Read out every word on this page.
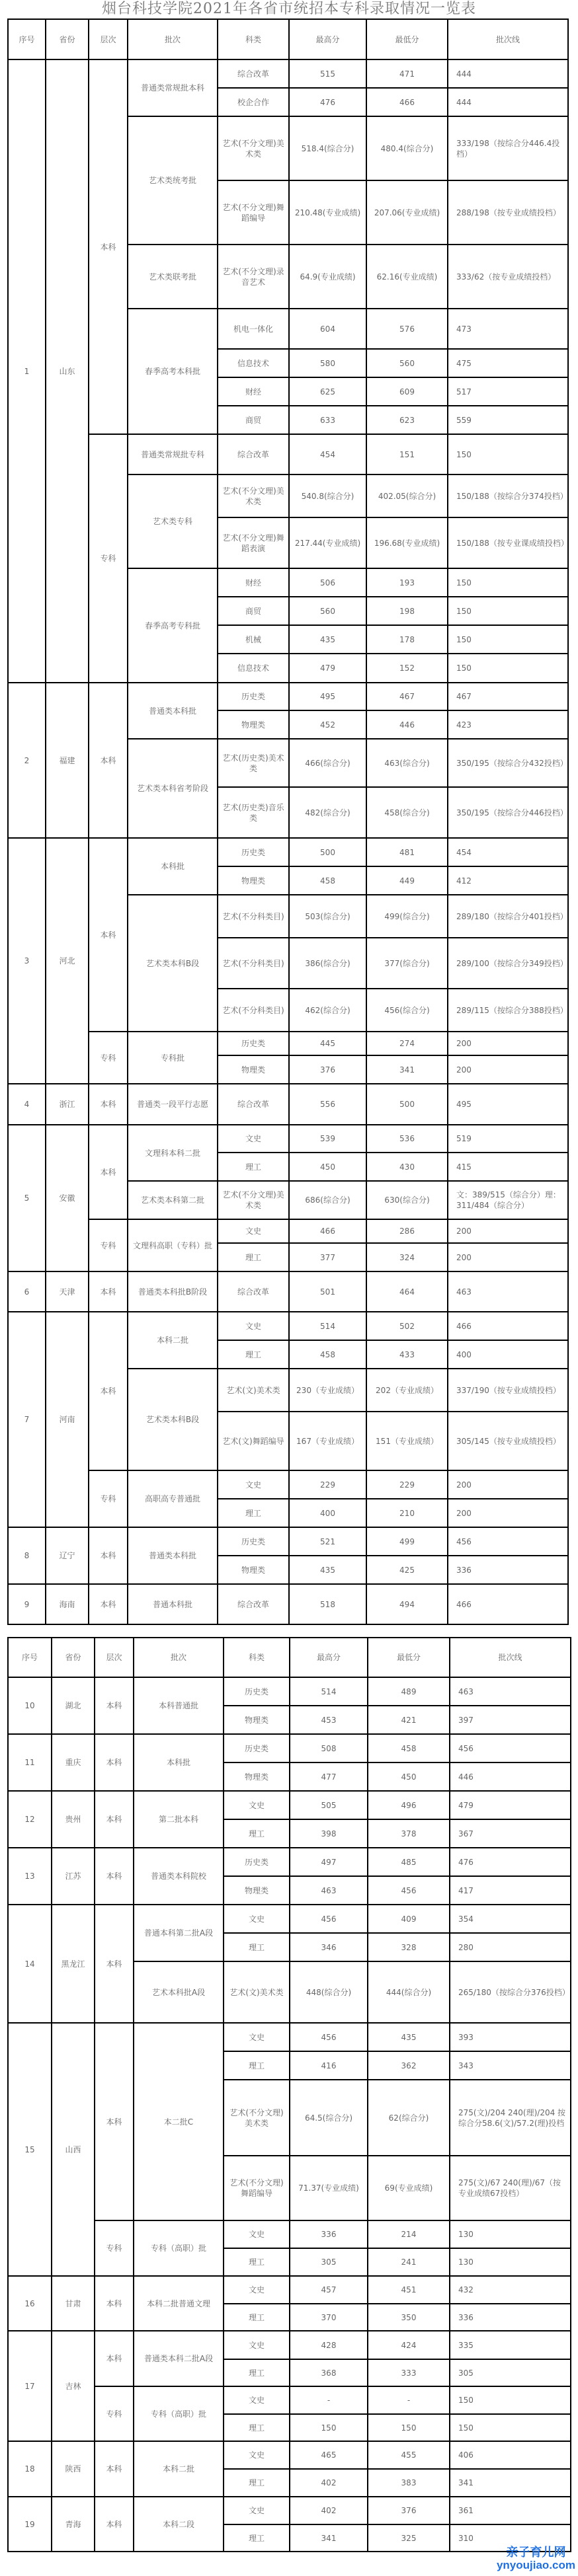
烟台科技学院2021年各省市统招本专科录取情况一览表
序号	省份	层次	批次	科类	最高分	最低分	批次线
1	山东	本科	普通类常规批本科	综合改革	515	471	444
				校企合作	476	466	444
			艺术类统考批	艺术(不分文理)美术类	518.4(综合分)	480.4(综合分)	333/198（按综合分446.4投档）
				艺术(不分文理)舞蹈编导	210.48(专业成绩)	207.06(专业成绩)	288/198（按专业成绩投档）
			艺术类联考批	艺术(不分文理)录音艺术	64.9(专业成绩)	62.16(专业成绩)	333/62（按专业成绩投档）
			春季高考本科批	机电一体化	604	576	473
				信息技术	580	560	475
				财经	625	609	517
				商贸	633	623	559
		专科	普通类常规批专科	综合改革	454	151	150
			艺术类专科	艺术(不分文理)美术类	540.8(综合分)	402.05(综合分)	150/188（按综合分374投档）
				艺术(不分文理)舞蹈表演	217.44(专业成绩)	196.68(专业成绩)	150/188（按专业课成绩投档）
			春季高考专科批	财经	506	193	150
				商贸	560	198	150
				机械	435	178	150
				信息技术	479	152	150
2	福建	本科	普通类本科批	历史类	495	467	467
				物理类	452	446	423
			艺术类本科省考阶段	艺术(历史类)美术类	466(综合分)	463(综合分)	350/195（按综合分432投档）
				艺术(历史类)音乐类	482(综合分)	458(综合分)	350/195（按综合分446投档）
3	河北	本科	本科批	历史类	500	481	454
				物理类	458	449	412
			艺术类本科B段	艺术(不分科类目)	503(综合分)	499(综合分)	289/180（按综合分401投档）
				艺术(不分科类目)	386(综合分)	377(综合分)	289/100（按综合分349投档）
				艺术(不分科类目)	462(综合分)	456(综合分)	289/115（按综合分388投档）
		专科	专科批	历史类	445	274	200
				物理类	376	341	200
4	浙江	本科	普通类一段平行志愿	综合改革	556	500	495
5	安徽	本科	文理科本科二批	文史	539	536	519
				理工	450	430	415
			艺术类本科第二批	艺术(不分文理)美术类	686(综合分)	630(综合分)	文：389/515（综合分）理：311/484（综合分）
		专科	文理科高职（专科）批	文史	466	286	200
				理工	377	324	200
6	天津	本科	普通类本科批B阶段	综合改革	501	464	463
7	河南	本科	本科二批	文史	514	502	466
				理工	458	433	400
			艺术类本科B段	艺术(文)美术类	230（专业成绩）	202（专业成绩）	337/190（按专业成绩投档）
				艺术(文)舞蹈编导	167（专业成绩）	151（专业成绩）	305/145（按专业成绩投档）
		专科	高职高专普通批	文史	229	229	200
				理工	400	210	200
8	辽宁	本科	普通类本科批	历史类	521	499	456
				物理类	435	425	336
9	海南	本科	普通本科批	综合改革	518	494	466
序号	省份	层次	批次	科类	最高分	最低分	批次线
10	湖北	本科	本科普通批	历史类	514	489	463
				物理类	453	421	397
11	重庆	本科	本科批	历史类	508	458	456
				物理类	477	450	446
12	贵州	本科	第二批本科	文史	505	496	479
				理工	398	378	367
13	江苏	本科	普通类本科院校	历史类	497	485	476
				物理类	463	456	417
14	黑龙江	本科	普通本科第二批A段	文史	456	409	354
				理工	346	328	280
			艺术本科批A段	艺术(文)美术类	448(综合分)	444(综合分)	265/180（按综合分376投档）
15	山西	本科	本二批C	文史	456	435	393
				理工	416	362	343
				艺术(不分文理)美术类	64.5(综合分)	62(综合分)	275(文)/204 240(理)/204 按综合分58.6(文)/57.2(理)投档
				艺术(不分文理)舞蹈编导	71.37(专业成绩)	69(专业成绩)	275(文)/67 240(理)/67（按专业成绩67投档）
		专科	专科（高职）批	文史	336	214	130
				理工	305	241	130
16	甘肃	本科	本科二批普通文理	文史	457	451	432
				理工	370	350	336
17	吉林	本科	普通类本科二批A段	文史	428	424	335
				理工	368	333	305
		专科	专科（高职）批	文史	-	-	150
				理工	150	150	150
18	陕西	本科	本科二批	文史	465	455	406
				理工	402	383	341
19	青海	本科	本科二段	文史	402	376	361
				理工	341	325	310
亲子育儿网
ynyoujiao.com
